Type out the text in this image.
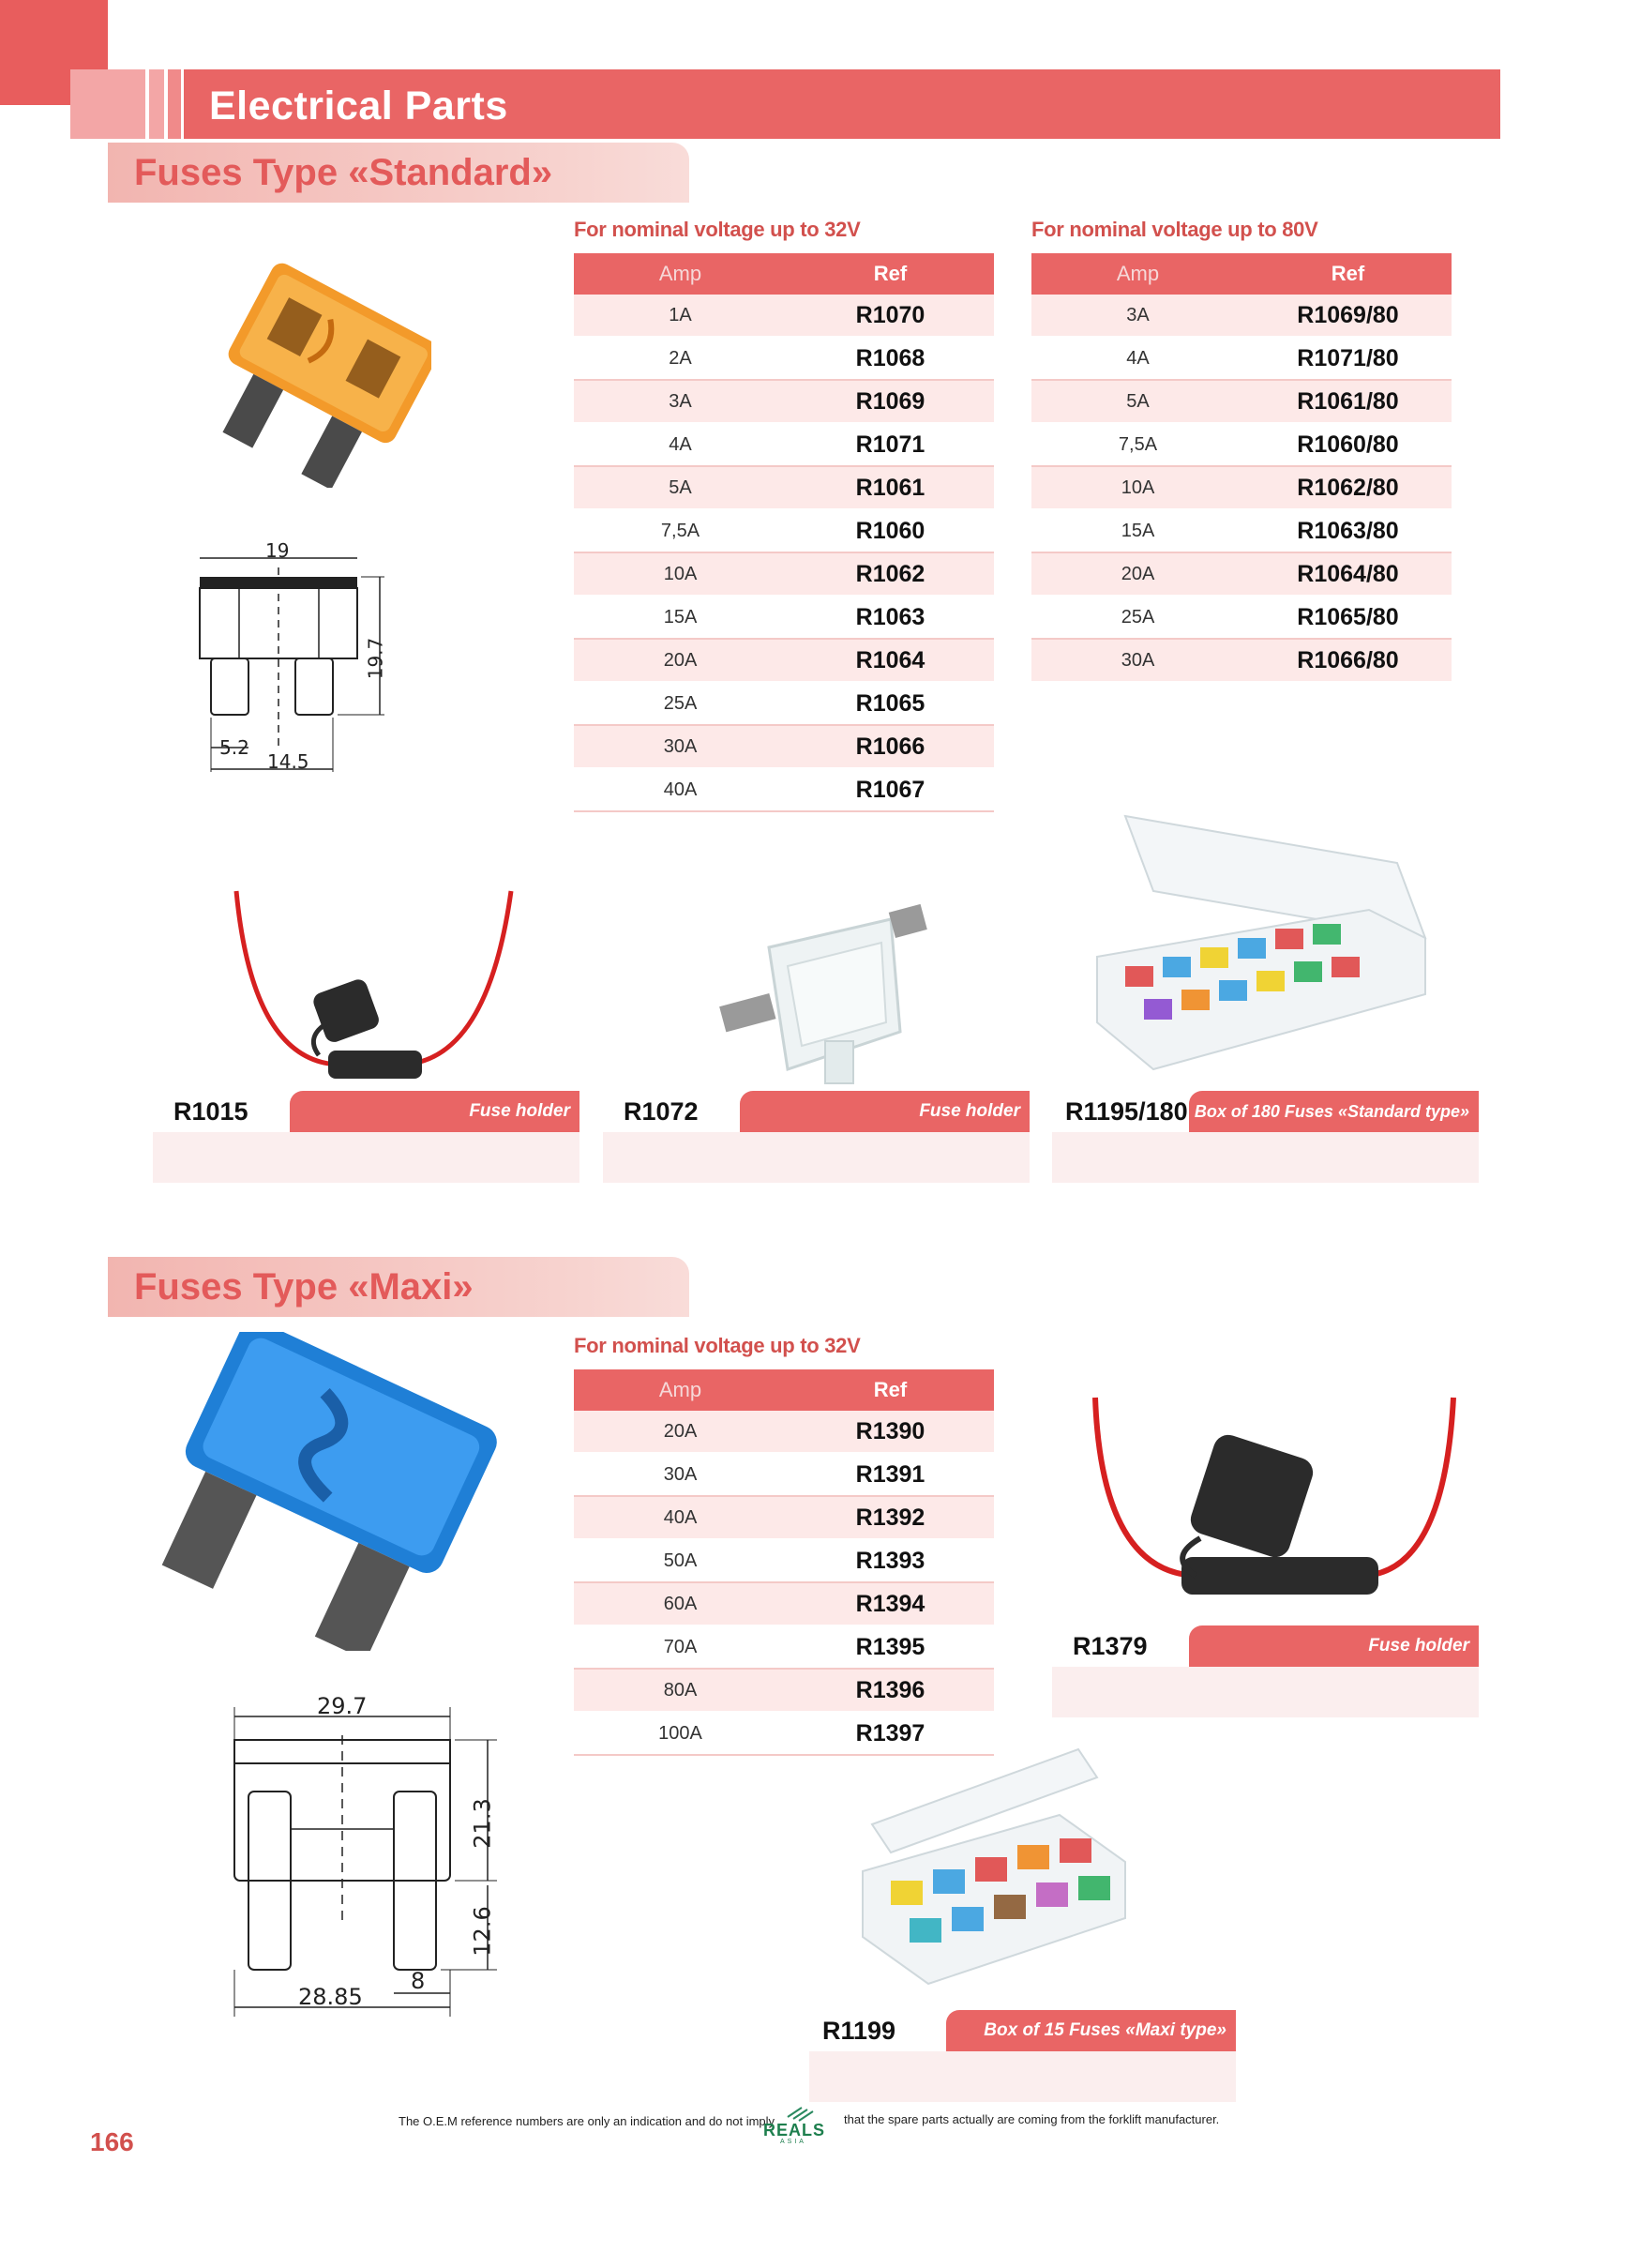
Electrical Parts
Fuses Type «Standard»
19
19.7
5.2
14.5
For nominal voltage up to 32V
Amp	Ref
1A	R1070
2A	R1068
3A	R1069
4A	R1071
5A	R1061
7,5A	R1060
10A	R1062
15A	R1063
20A	R1064
25A	R1065
30A	R1066
40A	R1067
For nominal voltage up to 80V
Amp	Ref
3A	R1069/80
4A	R1071/80
5A	R1061/80
7,5A	R1060/80
10A	R1062/80
15A	R1063/80
20A	R1064/80
25A	R1065/80
30A	R1066/80
R1015	Fuse holder	R1072	Fuse holder	R1195/180 Box of 180 Fuses «Standard type»
Fuses Type «Maxi»
29.7
21.3
12.6
28.85
8
For nominal voltage up to 32V
Amp	Ref
20A	R1390
30A	R1391
40A	R1392
50A	R1393
60A	R1394
70A	R1395
80A	R1396
100A	R1397
R1379	Fuse holder
R1199	Box of 15 Fuses «Maxi type»
The O.E.M reference numbers are only an indication and do not imply
REALS
ASIA
that the spare parts actually are coming from the forklift manufacturer.
166
